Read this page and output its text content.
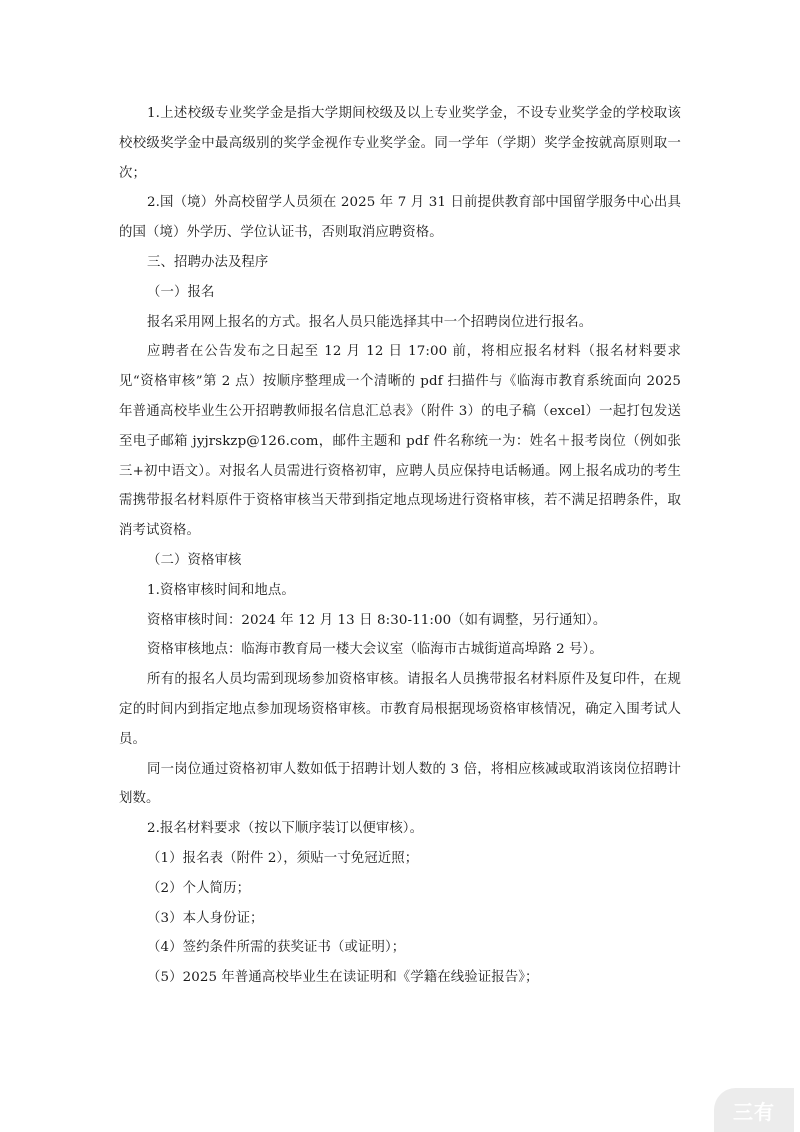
1.上述校级专业奖学金是指大学期间校级及以上专业奖学金，不设专业奖学金的学校取该校校级奖学金中最高级别的奖学金视作专业奖学金。同一学年（学期）奖学金按就高原则取一次；

2.国（境）外高校留学人员须在 2025 年 7 月 31 日前提供教育部中国留学服务中心出具的国（境）外学历、学位认证书，否则取消应聘资格。

三、招聘办法及程序

（一）报名

报名采用网上报名的方式。报名人员只能选择其中一个招聘岗位进行报名。

应聘者在公告发布之日起至 12 月 12 日 17:00 前，将相应报名材料（报名材料要求见“资格审核”第 2 点）按顺序整理成一个清晰的 pdf 扫描件与《临海市教育系统面向 2025 年普通高校毕业生公开招聘教师报名信息汇总表》（附件 3）的电子稿（excel）一起打包发送至电子邮箱 jyjrskzp@126.com，邮件主题和 pdf 件名称统一为：姓名＋报考岗位（例如张三+初中语文）。对报名人员需进行资格初审，应聘人员应保持电话畅通。网上报名成功的考生需携带报名材料原件于资格审核当天带到指定地点现场进行资格审核，若不满足招聘条件，取消考试资格。

（二）资格审核

1.资格审核时间和地点。

资格审核时间：2024 年 12 月 13 日 8:30-11:00（如有调整，另行通知）。

资格审核地点：临海市教育局一楼大会议室（临海市古城街道高埠路 2 号）。

所有的报名人员均需到现场参加资格审核。请报名人员携带报名材料原件及复印件，在规定的时间内到指定地点参加现场资格审核。市教育局根据现场资格审核情况，确定入围考试人员。

同一岗位通过资格初审人数如低于招聘计划人数的 3 倍，将相应核减或取消该岗位招聘计划数。

2.报名材料要求（按以下顺序装订以便审核）。

（1）报名表（附件 2），须贴一寸免冠近照；

（2）个人简历；

（3）本人身份证；

（4）签约条件所需的获奖证书（或证明）；

（5）2025 年普通高校毕业生在读证明和《学籍在线验证报告》；

三有
